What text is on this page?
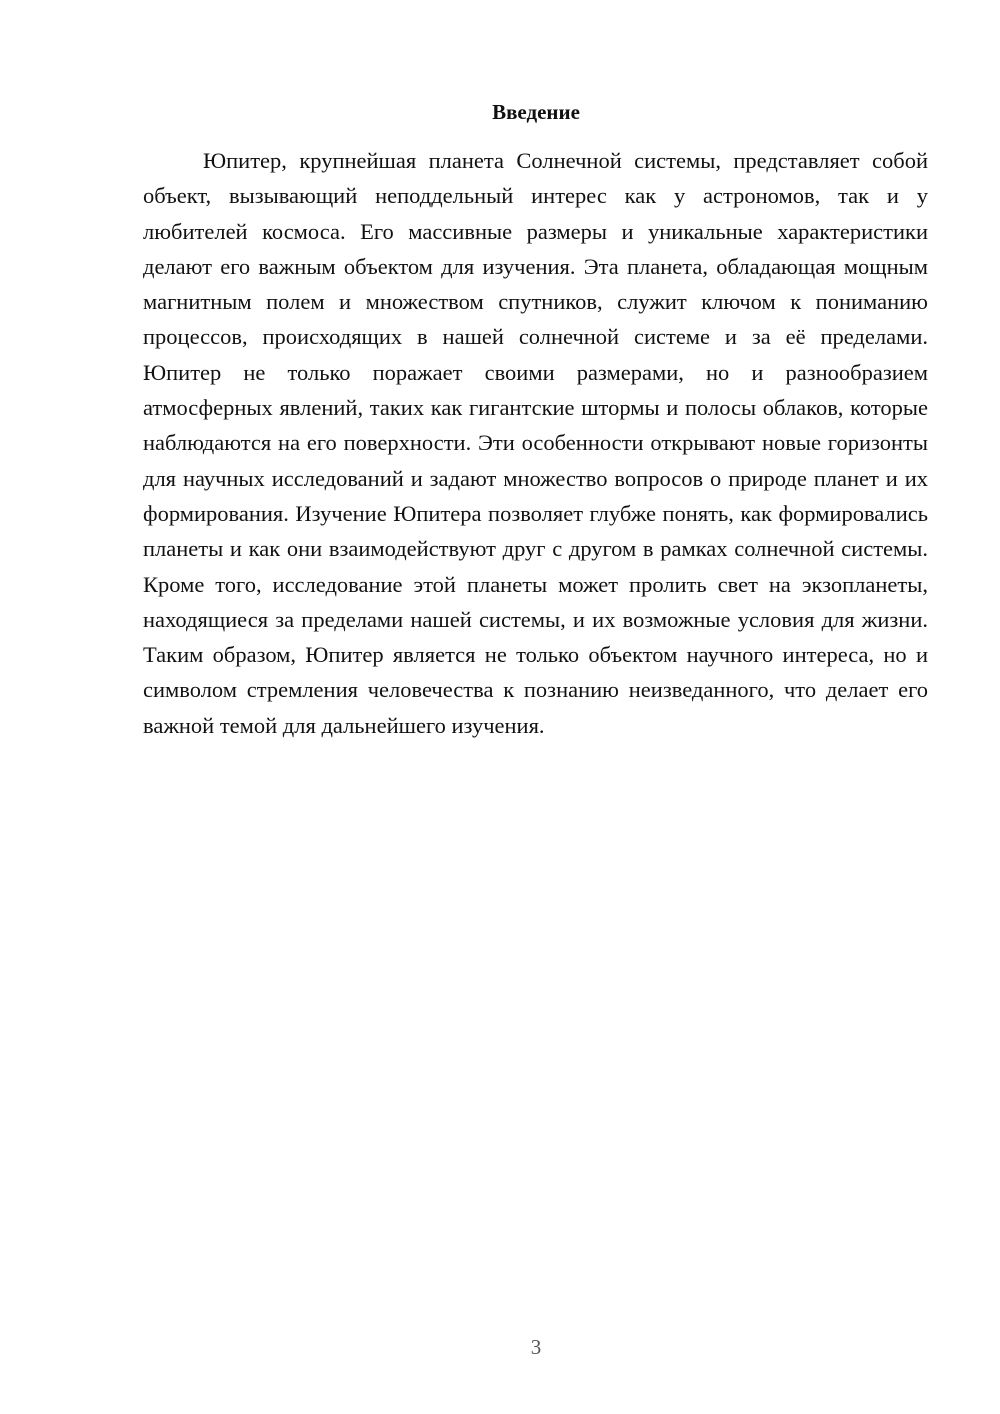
Введение

Юпитер, крупнейшая планета Солнечной системы, представляет собой объект, вызывающий неподдельный интерес как у астрономов, так и у любителей космоса. Его массивные размеры и уникальные характеристики делают его важным объектом для изучения. Эта планета, обладающая мощным магнитным полем и множеством спутников, служит ключом к пониманию процессов, происходящих в нашей солнечной системе и за её пределами. Юпитер не только поражает своими размерами, но и разнообразием атмосферных явлений, таких как гигантские штормы и полосы облаков, которые наблюдаются на его поверхности. Эти особенности открывают новые горизонты для научных исследований и задают множество вопросов о природе планет и их формирования. Изучение Юпитера позволяет глубже понять, как формировались планеты и как они взаимодействуют друг с другом в рамках солнечной системы. Кроме того, исследование этой планеты может пролить свет на экзопланеты, находящиеся за пределами нашей системы, и их возможные условия для жизни. Таким образом, Юпитер является не только объектом научного интереса, но и символом стремления человечества к познанию неизведанного, что делает его важной темой для дальнейшего изучения.

3
